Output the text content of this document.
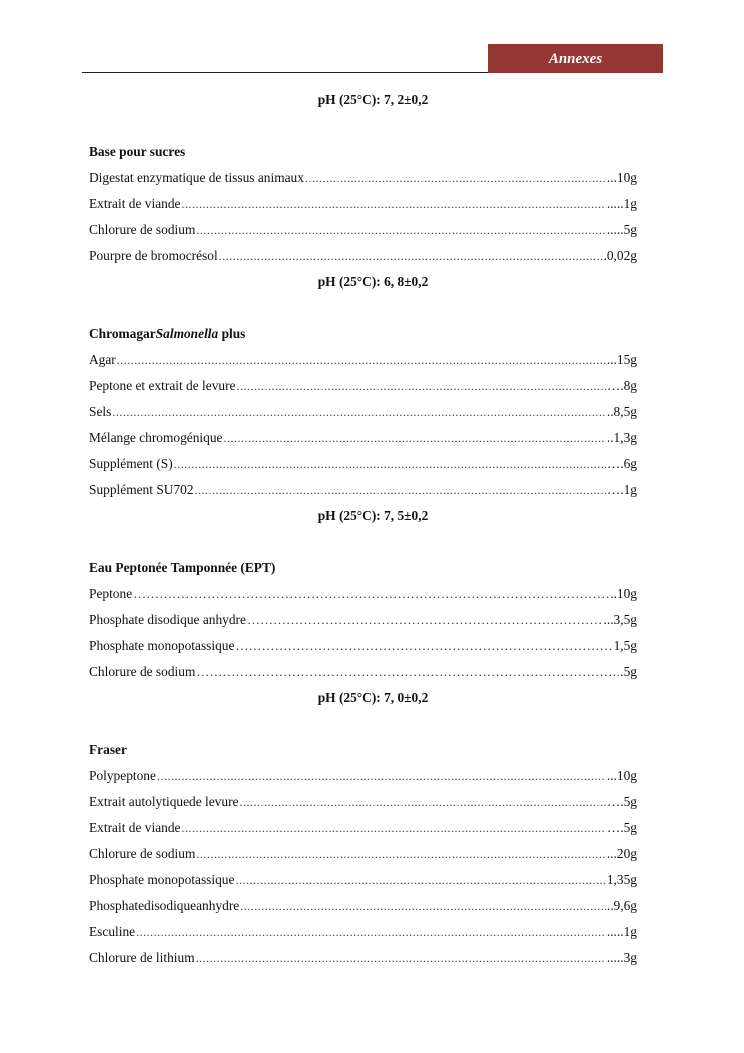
Annexes
pH (25°C): 7, 2±0,2
Base pour sucres
Digestat enzymatique de tissus animaux .....	...10g
Extrait de viande .....	.....1g
Chlorure de sodium .....	.....5g
Pourpre de bromocrésol .....	.0,02g
pH (25°C): 6, 8±0,2
ChromagarSalmonella plus
Agar .....	...15g
Peptone et extrait de levure .....	….8g
Sels .....	..8,5g
Mélange chromogénique .....	..1,3g
Supplément (S) .....	….6g
Supplément SU702 .....	….1g
pH (25°C): 7, 5±0,2
Eau Peptonée Tamponnée (EPT)
Peptone ………………………………………………………………………………………………………………………………………………………………………………………………	..10g
Phosphate disodique anhydre ………………………………………………………………………………………………………………………………………………………………………………………………	...3,5g
Phosphate monopotassique ………………………………………………………………………………………………………………………………………………………………………………………………	1,5g
Chlorure de sodium ………………………………………………………………………………………………………………………………………………………………………………………………	.5g
pH (25°C): 7, 0±0,2
Fraser
Polypeptone .....	...10g
Extrait autolytiquede levure .....	….5g
Extrait de viande .....	….5g
Chlorure de sodium .....	...20g
Phosphate monopotassique .....	1,35g
Phosphatedisodiqueanhydre .....	..9,6g
Esculine .....	.....1g
Chlorure de lithium .....	.....3g
